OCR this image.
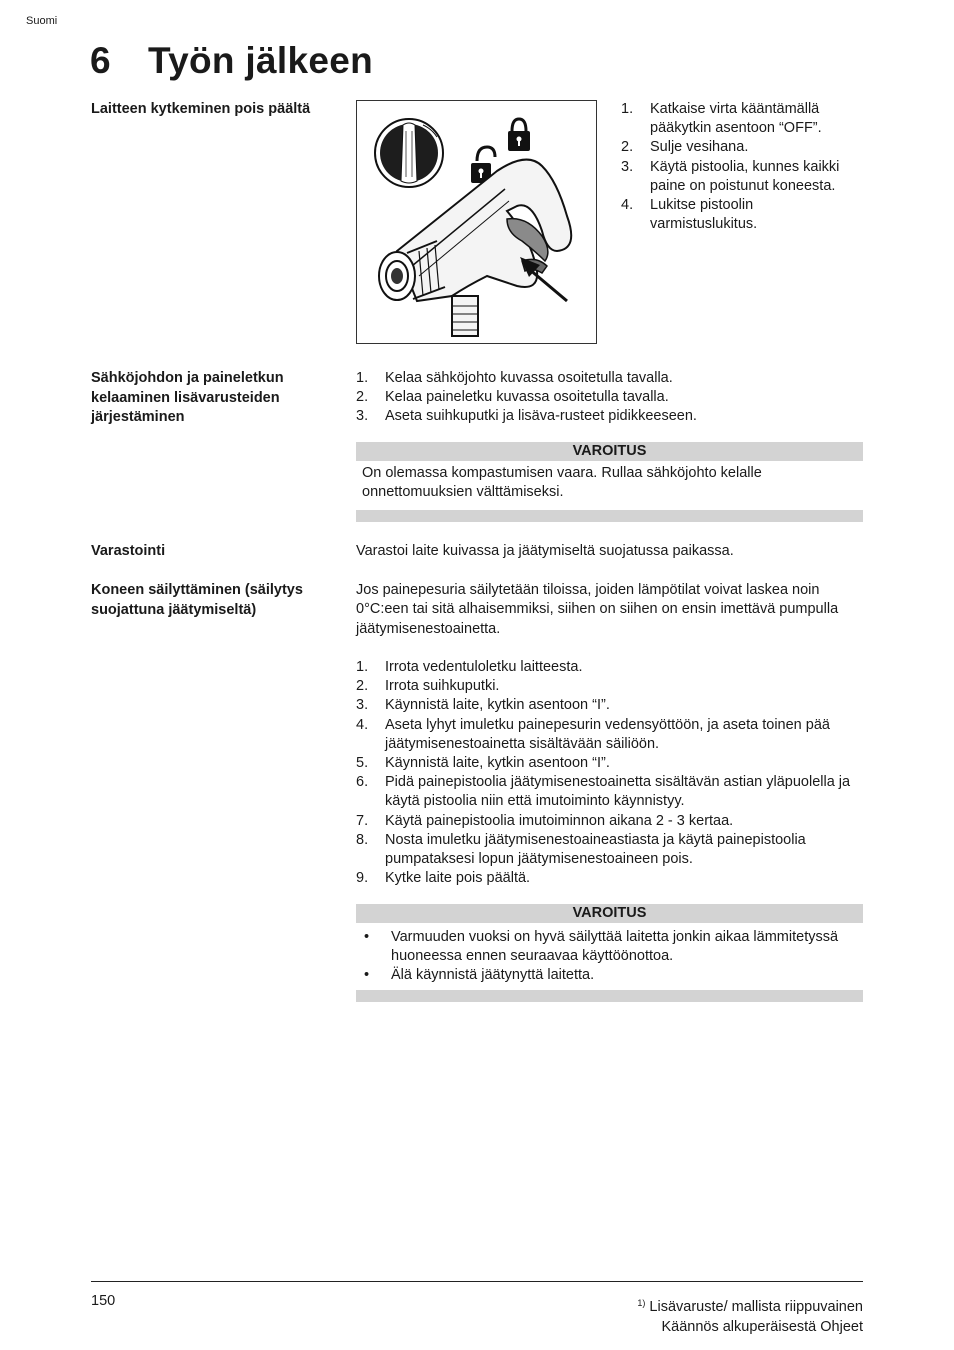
Suomi
6 Työn jälkeen
Laitteen kytkeminen pois päältä	1. Katkaise virta kääntämällä pääkytkin asentoon “OFF”.
2. Sulje vesihana.
3. Käytä pistoolia, kunnes kaikki paine on poistunut koneesta.
4. Lukitse pistoolin varmistuslukitus.
Sähköjohdon ja paineletkun kelaaminen lisävarusteiden järjestäminen
1. Kelaa sähköjohto kuvassa osoitetulla tavalla.
2. Kelaa paineletku kuvassa osoitetulla tavalla.
3. Aseta suihkuputki ja lisäva-rusteet pidikkeeseen.
VAROITUS
On olemassa kompastumisen vaara. Rullaa sähköjohto kelalle onnettomuuksien välttämiseksi.
Varastointi	Varastoi laite kuivassa ja jäätymiseltä suojatussa paikassa.
Koneen säilyttäminen (säilytys suojattuna jäätymiseltä)
Jos painepesuria säilytetään tiloissa, joiden lämpötilat voivat laskea noin 0°C:een tai sitä alhaisemmiksi, siihen on siihen on ensin imettävä pumpulla jäätymisenestoainetta.
1. Irrota vedentuloletku laitteesta.
2. Irrota suihkuputki.
3. Käynnistä laite, kytkin asentoon “I”.
4. Aseta lyhyt imuletku painepesurin vedensyöttöön, ja aseta toinen pää jäätymisenestoainetta sisältävään säiliöön.
5. Käynnistä laite, kytkin asentoon “I”.
6. Pidä painepistoolia jäätymisenestoainetta sisältävän astian yläpuolella ja käytä pistoolia niin että imutoiminto käynnistyy.
7. Käytä painepistoolia imutoiminnon aikana 2 - 3 kertaa.
8. Nosta imuletku jäätymisenestoaineastiasta ja käytä painepistoolia pumpataksesi lopun jäätymisenestoaineen pois.
9. Kytke laite pois päältä.
VAROITUS
• Varmuuden vuoksi on hyvä säilyttää laitetta jonkin aikaa lämmitetyssä huoneessa ennen seuraavaa käyttöönottoa.
• Älä käynnistä jäätynyttä laitetta.
150	$^{1)}$ Lisävaruste/ mallista riippuvainen
Käännös alkuperäisestä Ohjeet
